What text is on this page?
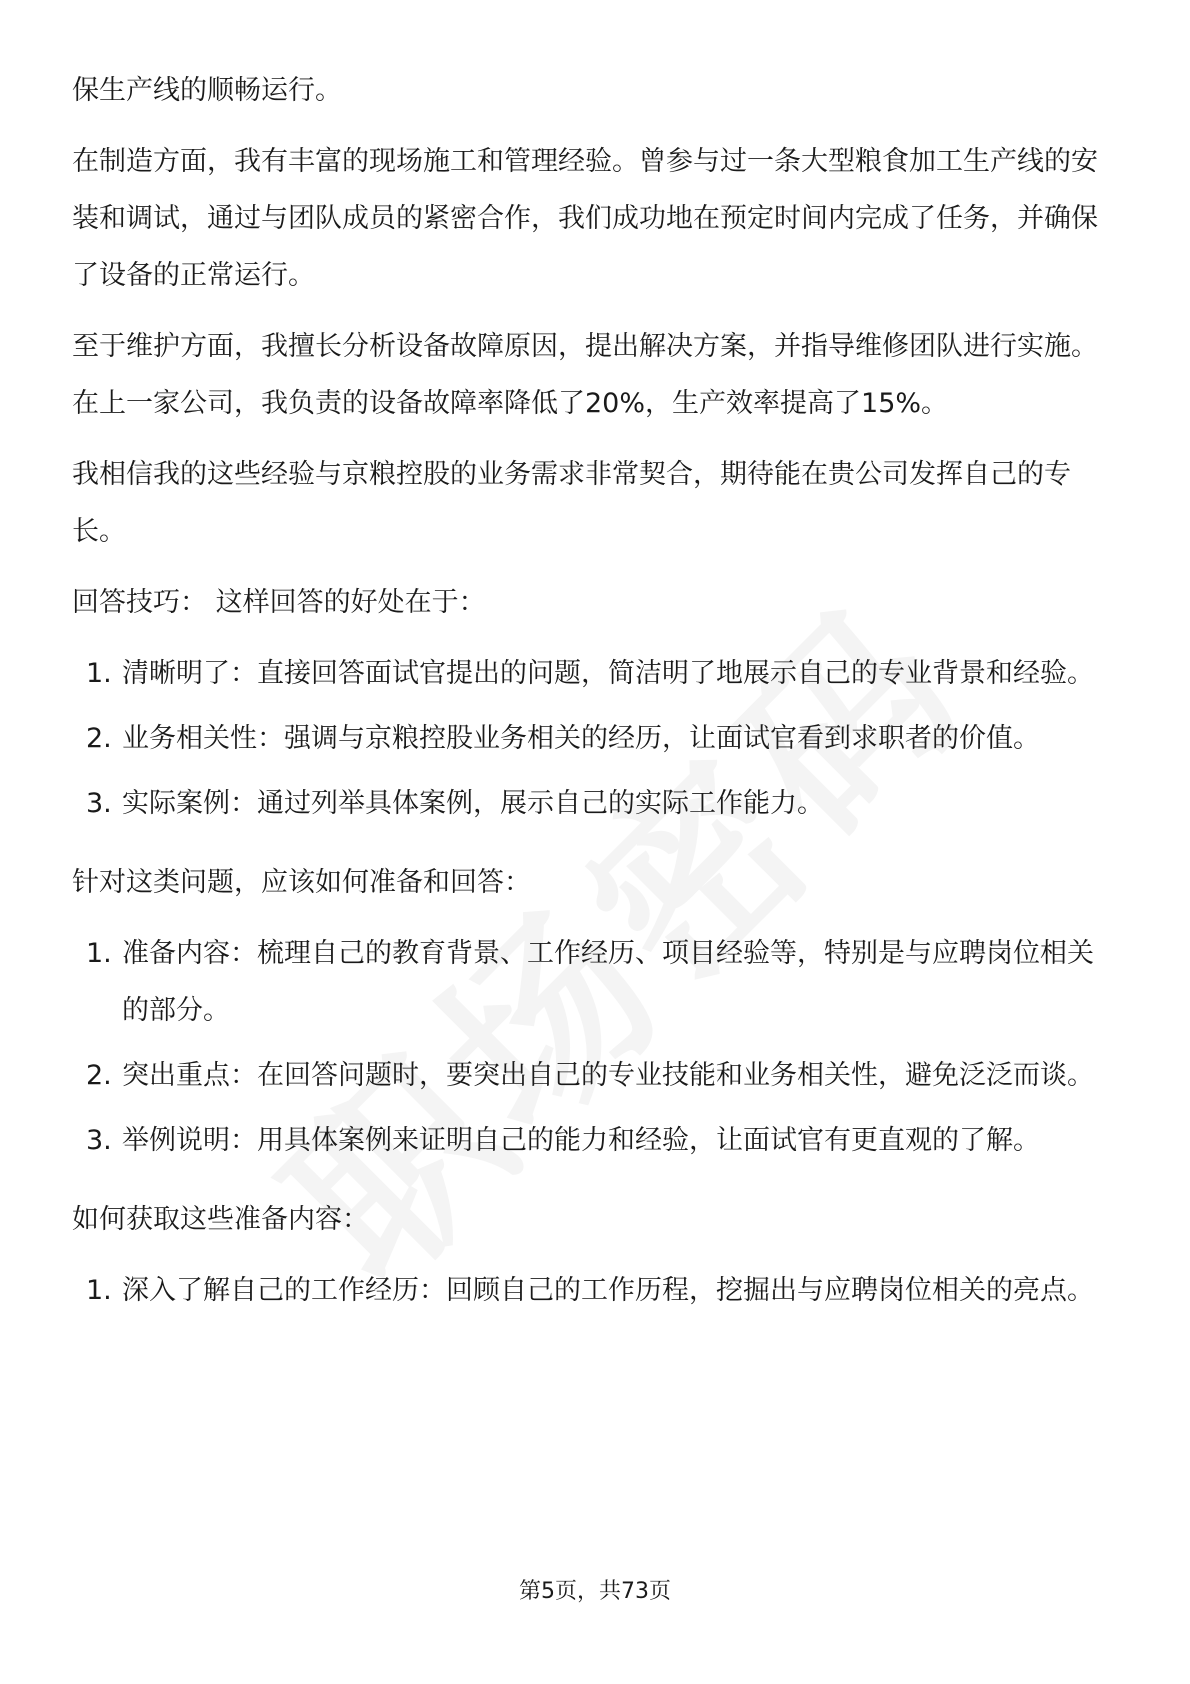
保生产线的顺畅运行。

在制造方面，我有丰富的现场施工和管理经验。曾参与过一条大型粮食加工生产线的安装和调试，通过与团队成员的紧密合作，我们成功地在预定时间内完成了任务，并确保了设备的正常运行。

至于维护方面，我擅长分析设备故障原因，提出解决方案，并指导维修团队进行实施。在上一家公司，我负责的设备故障率降低了20%，生产效率提高了15%。

我相信我的这些经验与京粮控股的业务需求非常契合，期待能在贵公司发挥自己的专长。

回答技巧： 这样回答的好处在于：

1. 清晰明了：直接回答面试官提出的问题，简洁明了地展示自己的专业背景和经验。
2. 业务相关性：强调与京粮控股业务相关的经历，让面试官看到求职者的价值。
3. 实际案例：通过列举具体案例，展示自己的实际工作能力。

针对这类问题，应该如何准备和回答：

1. 准备内容：梳理自己的教育背景、工作经历、项目经验等，特别是与应聘岗位相关的部分。
2. 突出重点：在回答问题时，要突出自己的专业技能和业务相关性，避免泛泛而谈。
3. 举例说明：用具体案例来证明自己的能力和经验，让面试官有更直观的了解。

如何获取这些准备内容：

1. 深入了解自己的工作经历：回顾自己的工作历程，挖掘出与应聘岗位相关的亮点。
第5页，共73页
